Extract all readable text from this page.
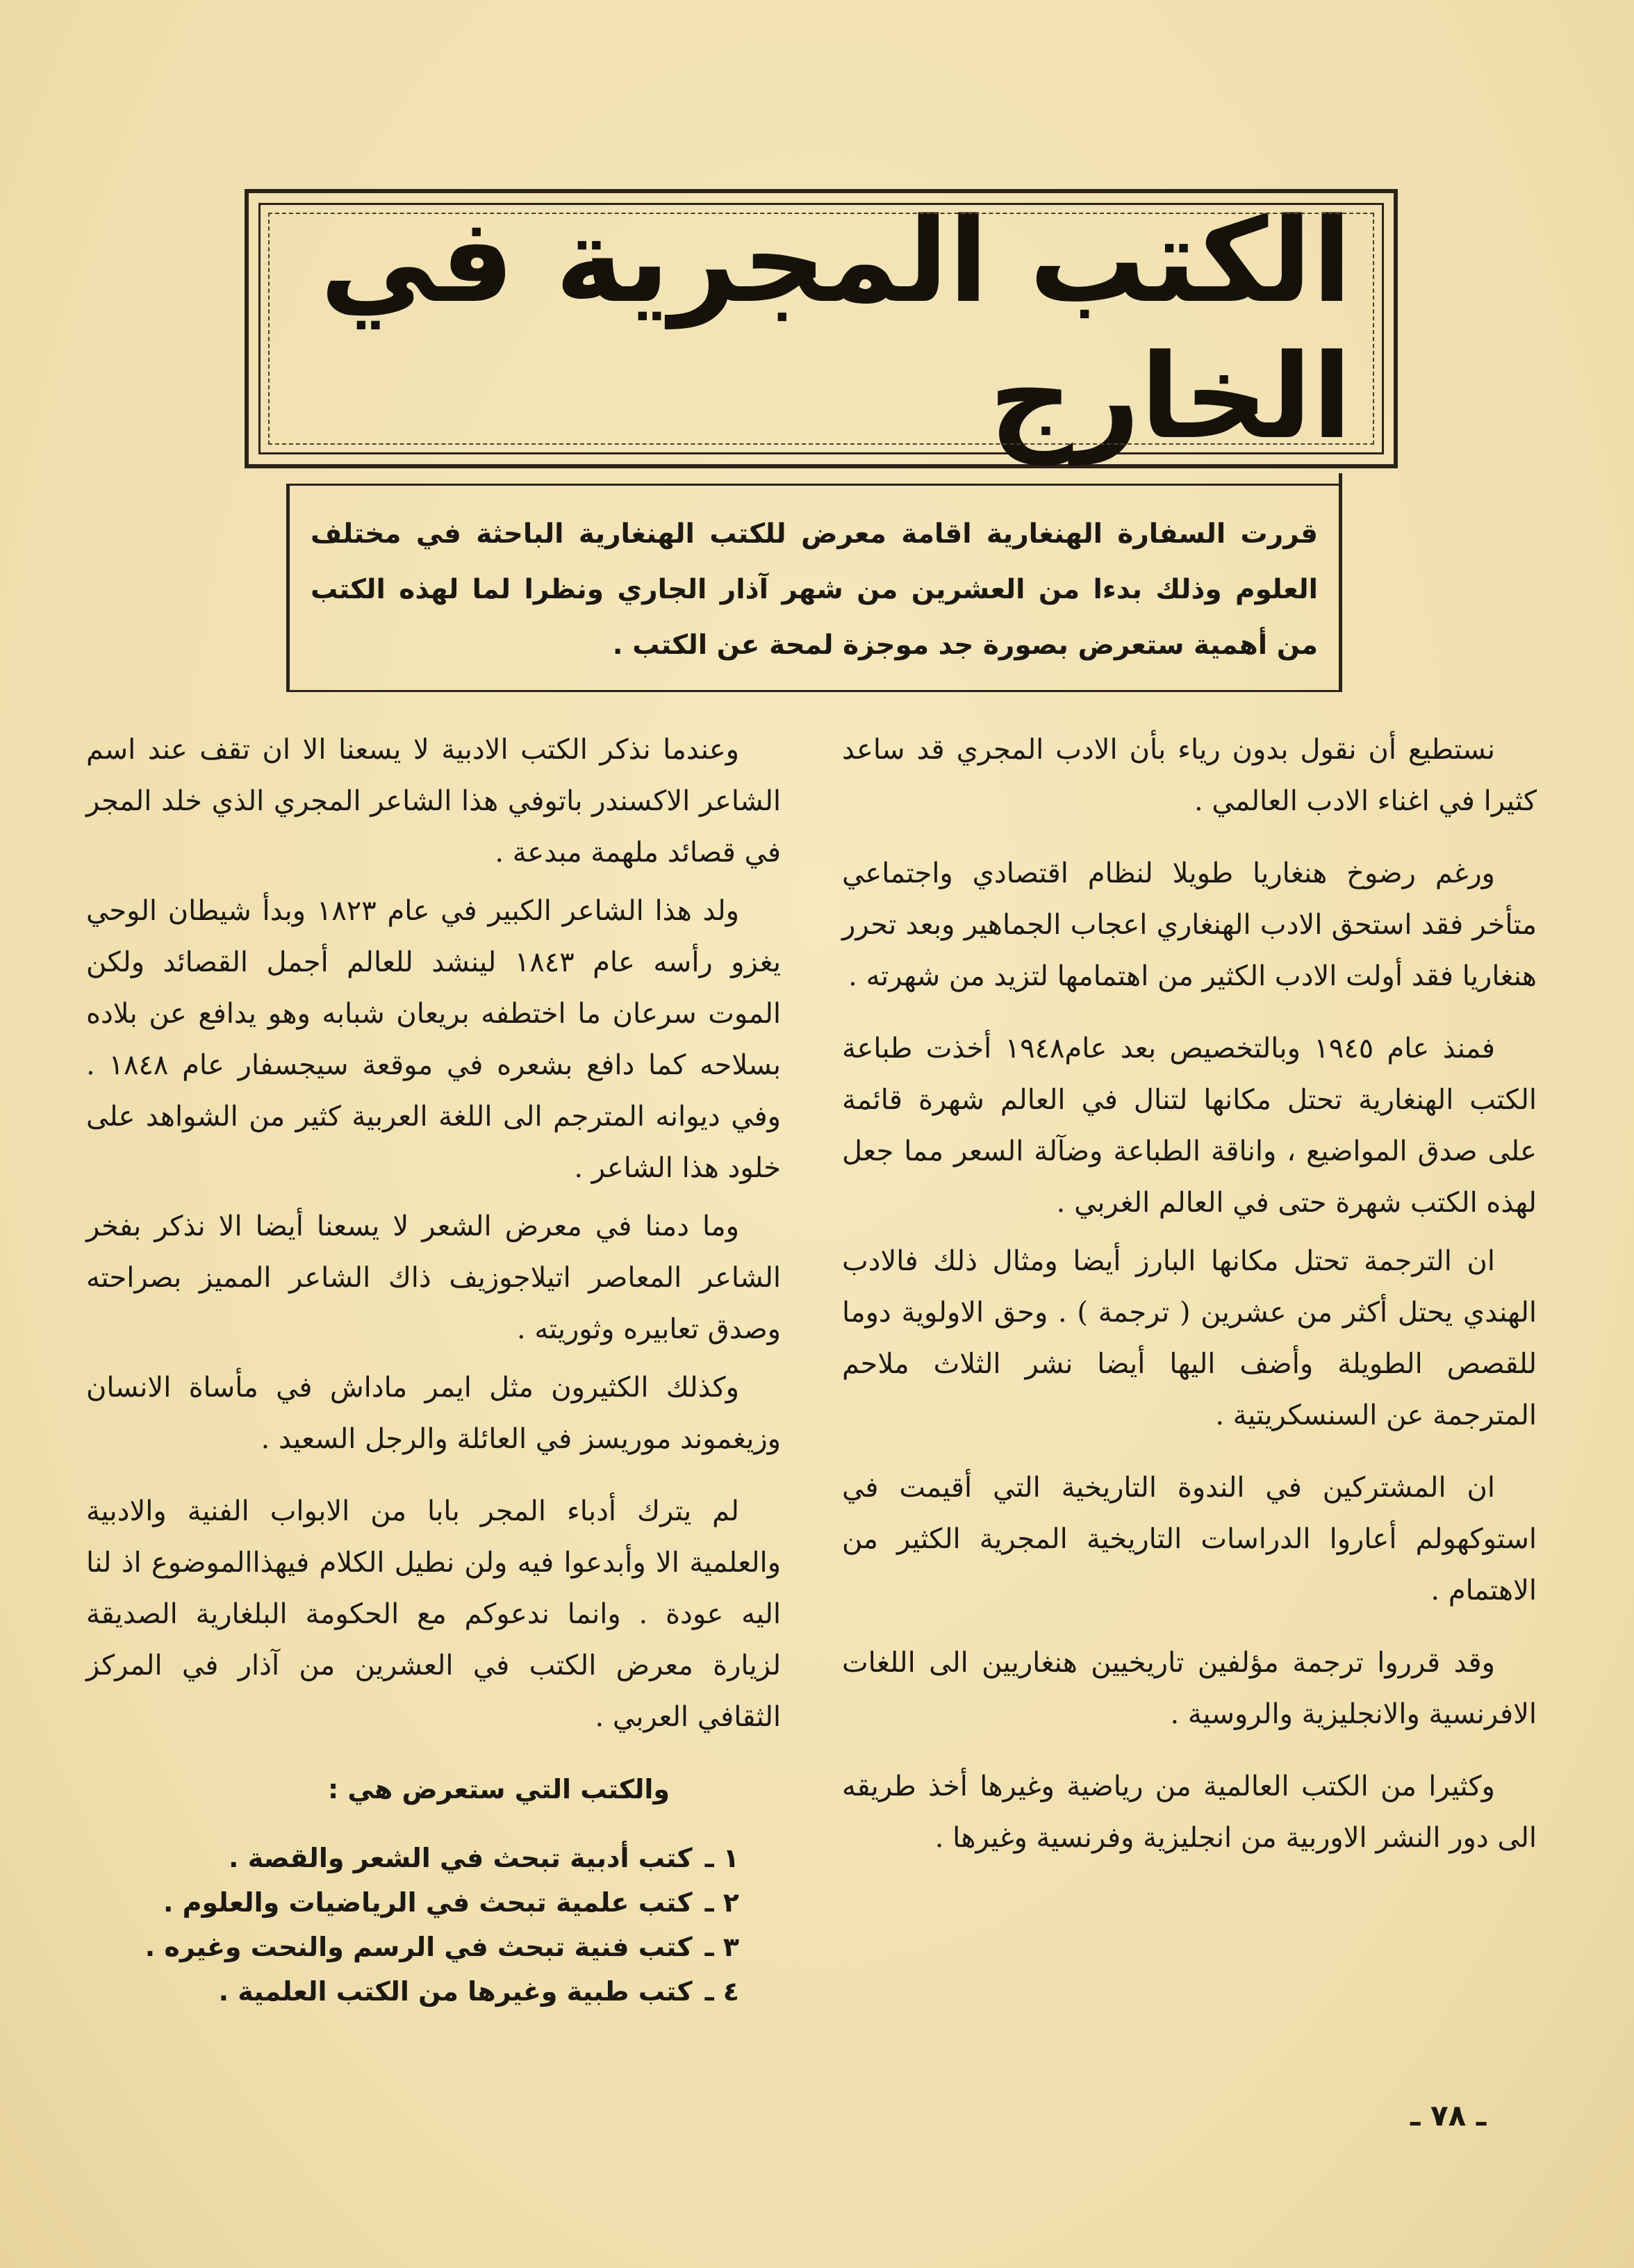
الكتب المجرية في الخارج
قررت السفارة الهنغارية اقامة معرض للكتب الهنغارية الباحثة في مختلف العلوم وذلك بدءا من العشرين من شهر آذار الجاري ونظرا لما لهذه الكتب من أهمية ستعرض بصورة جد موجزة لمحة عن الكتب .

نستطيع أن نقول بدون رياء بأن الادب المجري قد ساعد كثيرا في اغناء الادب العالمي .

ورغم رضوخ هنغاريا طويلا لنظام اقتصادي واجتماعي متأخر فقد استحق الادب الهنغاري اعجاب الجماهير وبعد تحرر هنغاريا فقد أولت الادب الكثير من اهتمامها لتزيد من شهرته .

فمنذ عام ١٩٤٥ وبالتخصيص بعد عام١٩٤٨ أخذت طباعة الكتب الهنغارية تحتل مكانها لتنال في العالم شهرة قائمة على صدق المواضيع ، واناقة الطباعة وضآلة السعر مما جعل لهذه الكتب شهرة حتى في العالم الغربي .

ان الترجمة تحتل مكانها البارز أيضا ومثال ذلك فالادب الهندي يحتل أكثر من عشرين ( ترجمة ) . وحق الاولوية دوما للقصص الطويلة وأضف اليها أيضا نشر الثلاث ملاحم المترجمة عن السنسكريتية .

ان المشتركين في الندوة التاريخية التي أقيمت في استوكهولم أعاروا الدراسات التاريخية المجرية الكثير من الاهتمام .

وقد قرروا ترجمة مؤلفين تاريخيين هنغاريين الى اللغات الافرنسية والانجليزية والروسية .

وكثيرا من الكتب العالمية من رياضية وغيرها أخذ طريقه الى دور النشر الاوربية من انجليزية وفرنسية وغيرها .

وعندما نذكر الكتب الادبية لا يسعنا الا ان تقف عند اسم الشاعر الاكسندر باتوفي هذا الشاعر المجري الذي خلد المجر في قصائد ملهمة مبدعة .

ولد هذا الشاعر الكبير في عام ١٨٢٣ وبدأ شيطان الوحي يغزو رأسه عام ١٨٤٣ لينشد للعالم أجمل القصائد ولكن الموت سرعان ما اختطفه بريعان شبابه وهو يدافع عن بلاده بسلاحه كما دافع بشعره في موقعة سيجسفار عام ١٨٤٨ . وفي ديوانه المترجم الى اللغة العربية كثير من الشواهد على خلود هذا الشاعر .

وما دمنا في معرض الشعر لا يسعنا أيضا الا نذكر بفخر الشاعر المعاصر اتيلاجوزيف ذاك الشاعر المميز بصراحته وصدق تعابيره وثوريته .

وكذلك الكثيرون مثل ايمر ماداش في مأساة الانسان وزيغموند موريسز في العائلة والرجل السعيد .

لم يترك أدباء المجر بابا من الابواب الفنية والادبية والعلمية الا وأبدعوا فيه ولن نطيل الكلام فيهذاالموضوع اذ لنا اليه عودة . وانما ندعوكم مع الحكومة البلغارية الصديقة لزيارة معرض الكتب في العشرين من آذار في المركز الثقافي العربي .

والكتب التي ستعرض هي :
١ ـ
كتب أدبية تبحث في الشعر والقصة .
٢ ـ
كتب علمية تبحث في الرياضيات والعلوم .
٣ ـ
كتب فنية تبحث في الرسم والنحت وغيره .
٤ ـ
كتب طبية وغيرها من الكتب العلمية .
ـ ٧٨ ـ
